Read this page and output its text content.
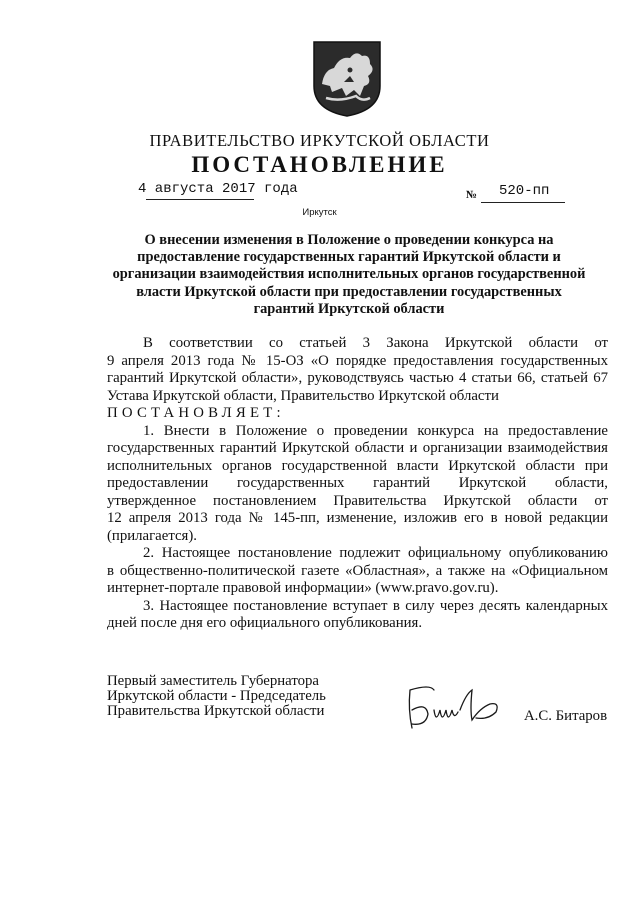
ПРАВИТЕЛЬСТВО ИРКУТСКОЙ ОБЛАСТИ
ПОСТАНОВЛЕНИЕ
4 августа 2017 года	№ 520-пп
Иркутск
О внесении изменения в Положение о проведении конкурса на
предоставление государственных гарантий Иркутской области и
организации взаимодействия исполнительных органов государственной
власти Иркутской области при предоставлении государственных
гарантий Иркутской области
В соответствии со статьей 3 Закона Иркутской области от
9 апреля 2013 года № 15-ОЗ «О порядке предоставления государственных
гарантий Иркутской области», руководствуясь частью 4 статьи 66, статьей 67
Устава Иркутской области, Правительство Иркутской области
ПОСТАНОВЛЯЕТ:
1. Внести в Положение о проведении конкурса на предоставление
государственных гарантий Иркутской области и организации взаимодействия
исполнительных органов государственной власти Иркутской области при
предоставлении государственных гарантий Иркутской области,
утвержденное постановлением Правительства Иркутской области от
12 апреля 2013 года № 145-пп, изменение, изложив его в новой редакции
(прилагается).
2. Настоящее постановление подлежит официальному опубликованию
в общественно-политической газете «Областная», а также на «Официальном
интернет-портале правовой информации» (www.pravo.gov.ru).
3. Настоящее постановление вступает в силу через десять календарных
дней после дня его официального опубликования.
Первый заместитель Губернатора
Иркутской области - Председатель
Правительства Иркутской области	А.С. Битаров
